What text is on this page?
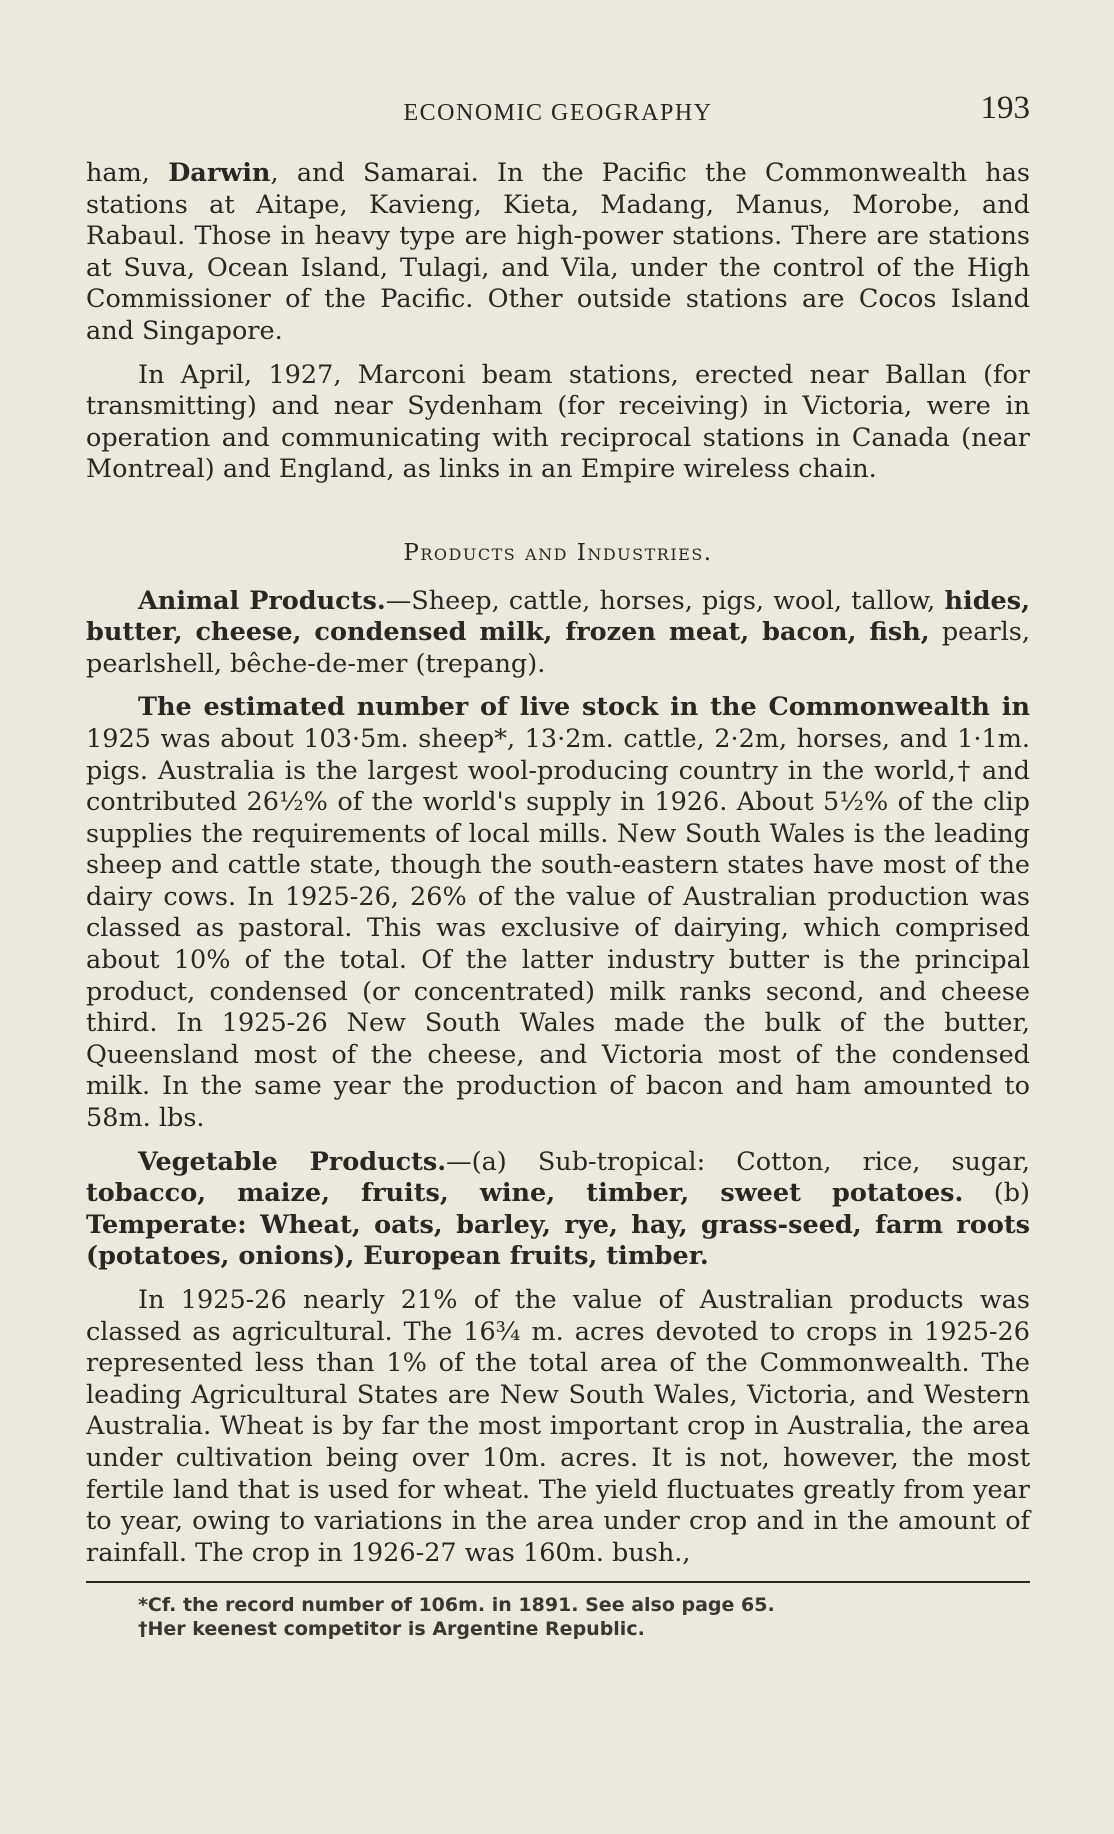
ECONOMIC GEOGRAPHY	193

ham, Darwin, and Samarai. In the Pacific the Commonwealth has stations at Aitape, Kavieng, Kieta, Madang, Manus, Morobe, and Rabaul. Those in heavy type are high-power stations. There are stations at Suva, Ocean Island, Tulagi, and Vila, under the control of the High Commissioner of the Pacific. Other outside stations are Cocos Island and Singapore.

In April, 1927, Marconi beam stations, erected near Ballan (for transmitting) and near Sydenham (for receiving) in Victoria, were in operation and communicating with reciprocal stations in Canada (near Montreal) and England, as links in an Empire wireless chain.

Products and Industries.

Animal Products.—Sheep, cattle, horses, pigs, wool, tallow, hides, butter, cheese, condensed milk, frozen meat, bacon, fish, pearls, pearlshell, bêche-de-mer (trepang).

The estimated number of live stock in the Commonwealth in 1925 was about 103·5m. sheep*, 13·2m. cattle, 2·2m, horses, and 1·1m. pigs. Australia is the largest wool-producing country in the world,† and contributed 26½% of the world's supply in 1926. About 5½% of the clip supplies the requirements of local mills. New South Wales is the leading sheep and cattle state, though the south-eastern states have most of the dairy cows. In 1925-26, 26% of the value of Australian production was classed as pastoral. This was exclusive of dairying, which comprised about 10% of the total. Of the latter industry butter is the principal product, condensed (or concentrated) milk ranks second, and cheese third. In 1925-26 New South Wales made the bulk of the butter, Queensland most of the cheese, and Victoria most of the condensed milk. In the same year the production of bacon and ham amounted to 58m. lbs.

Vegetable Products.—(a) Sub-tropical: Cotton, rice, sugar, tobacco, maize, fruits, wine, timber, sweet potatoes. (b) Temperate: Wheat, oats, barley, rye, hay, grass-seed, farm roots (potatoes, onions), European fruits, timber.

In 1925-26 nearly 21% of the value of Australian products was classed as agricultural. The 16¾ m. acres devoted to crops in 1925-26 represented less than 1% of the total area of the Commonwealth. The leading Agricultural States are New South Wales, Victoria, and Western Australia. Wheat is by far the most important crop in Australia, the area under cultivation being over 10m. acres. It is not, however, the most fertile land that is used for wheat. The yield fluctuates greatly from year to year, owing to variations in the area under crop and in the amount of rainfall. The crop in 1926-27 was 160m. bush.,

*Cf. the record number of 106m. in 1891. See also page 65.
†Her keenest competitor is Argentine Republic.
